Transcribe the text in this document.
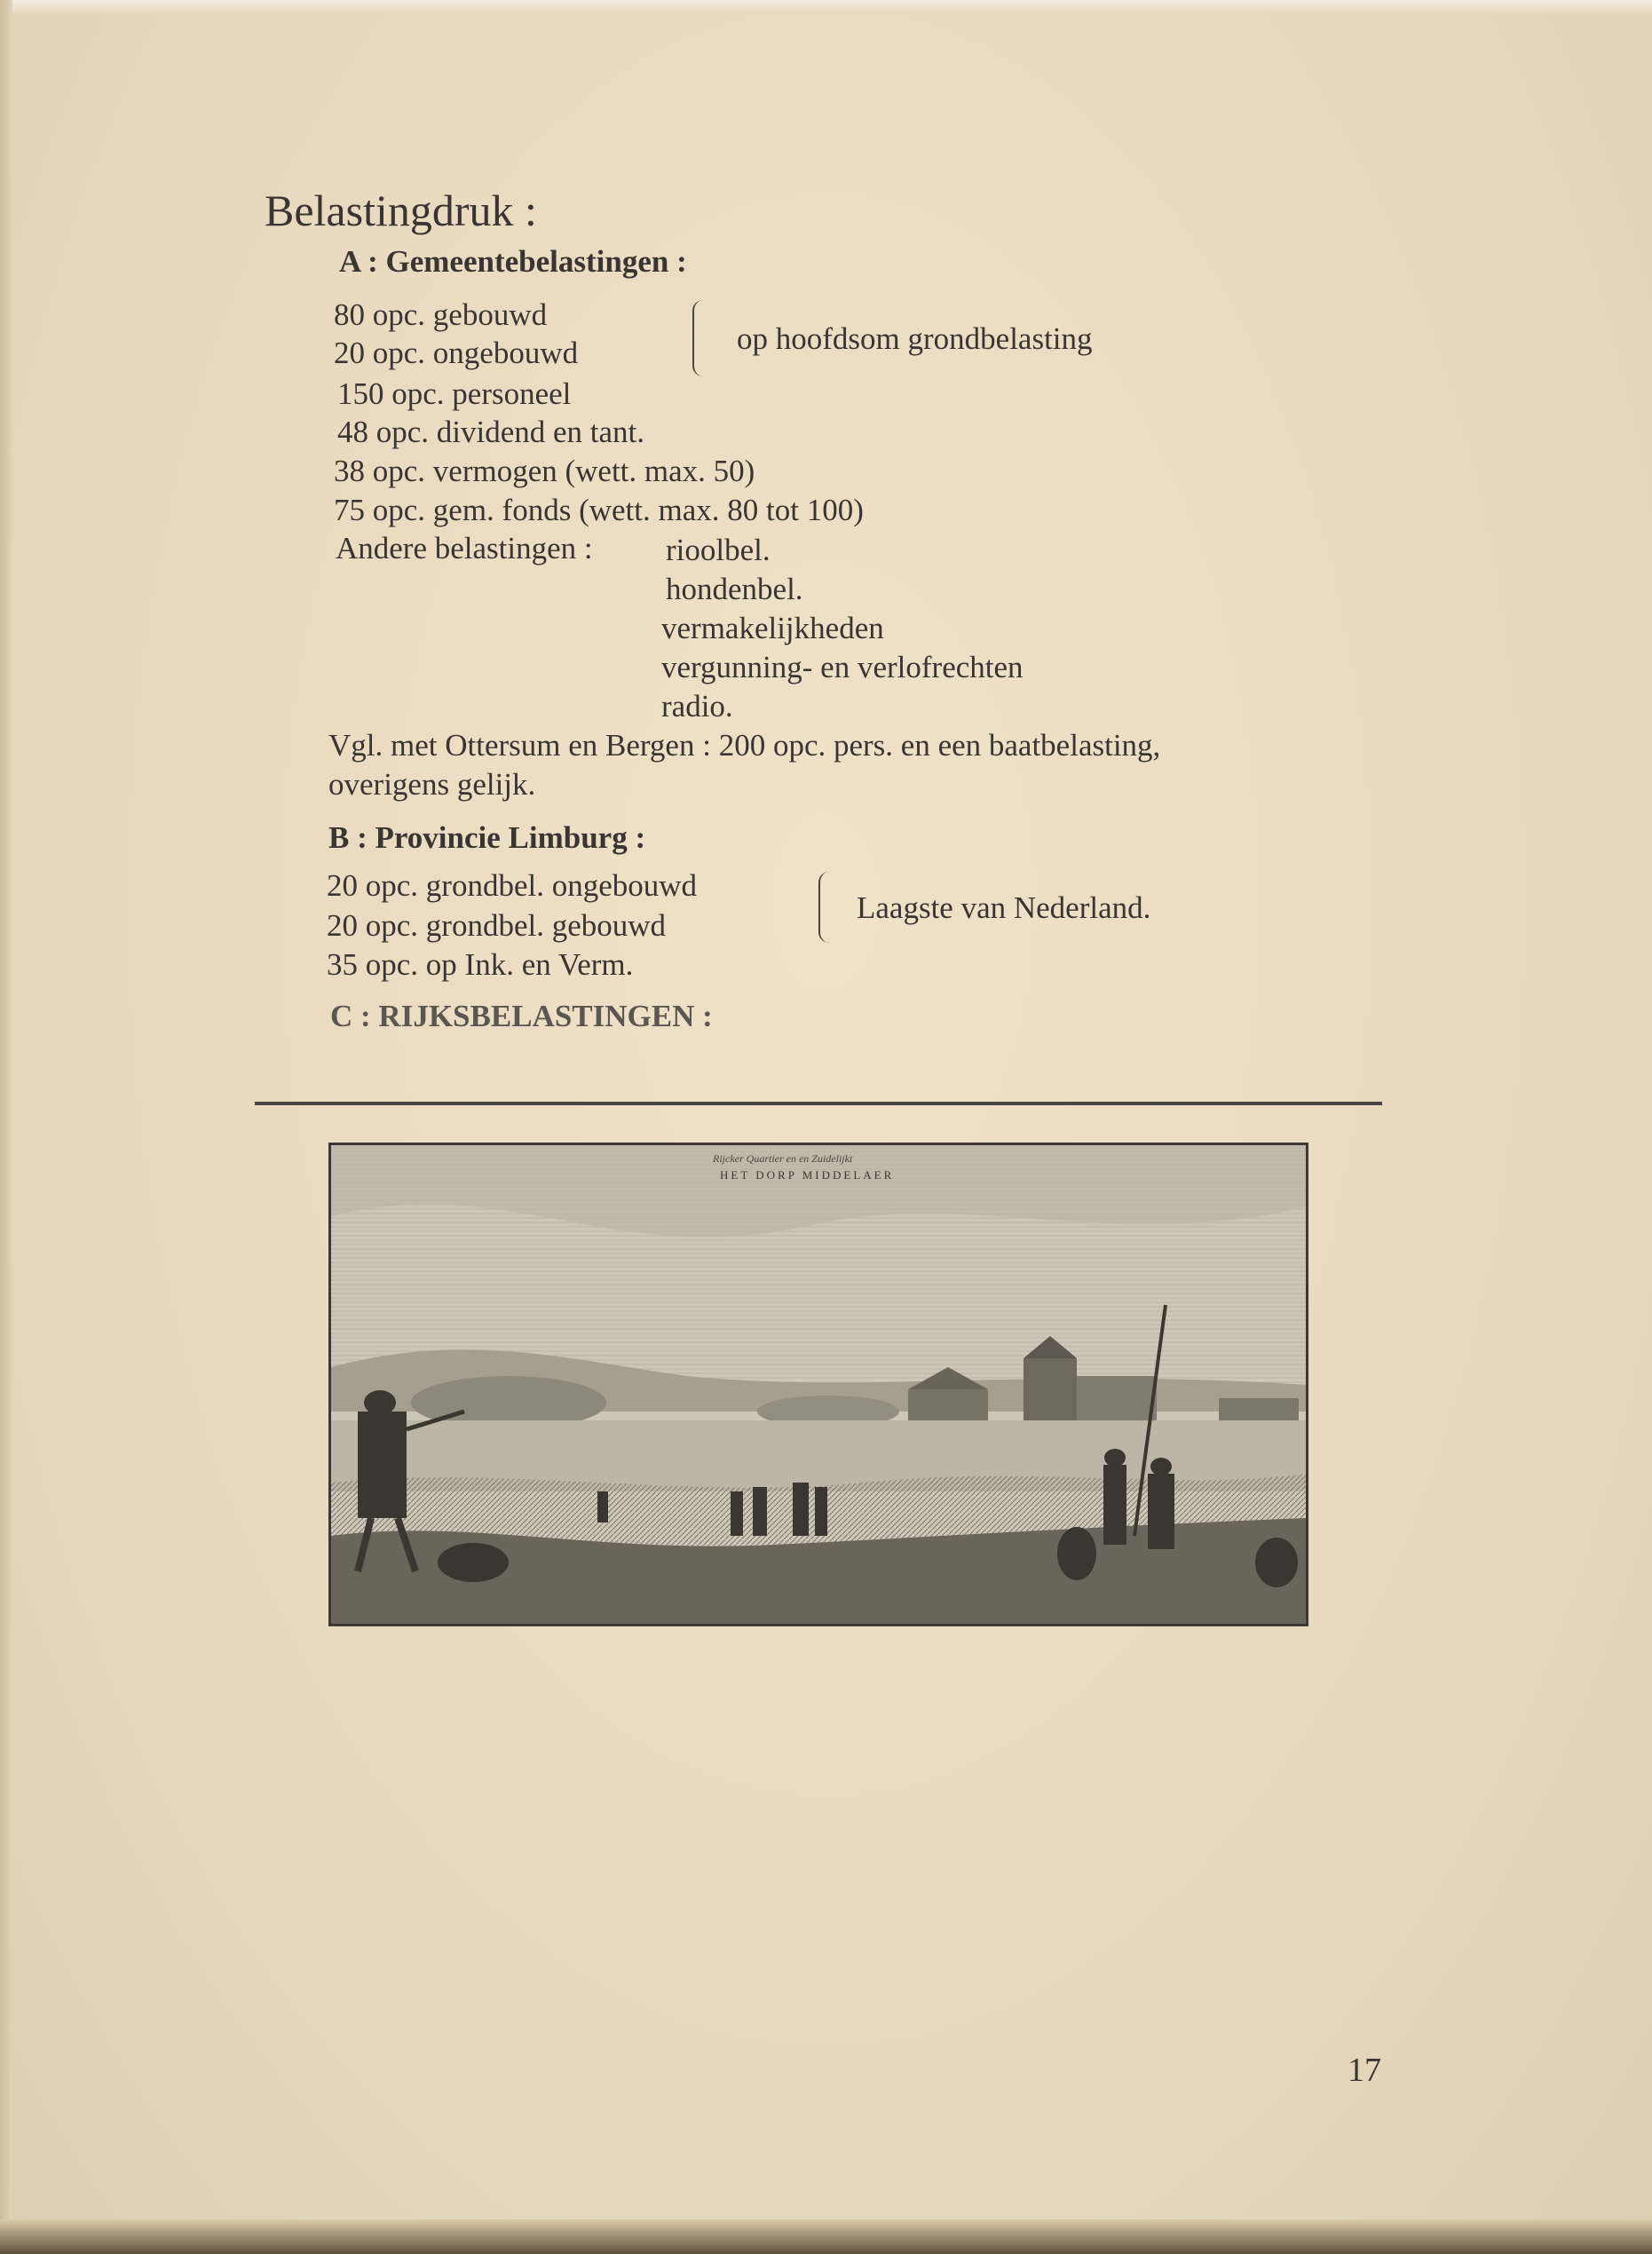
Belastingdruk :
A : Gemeentebelastingen :
80 opc. gebouwd
20 opc. ongebouwd	op hoofdsom grondbelasting
150 opc. personeel
48 opc. dividend en tant.
38 opc. vermogen (wett. max. 50)
75 opc. gem. fonds (wett. max. 80 tot 100)
Andere belastingen : rioolbel.
hondenbel.
vermakelijkheden
vergunning- en verlofrechten
radio.
Vgl. met Ottersum en Bergen : 200 opc. pers. en een baatbelasting,
overigens gelijk.
B : Provincie Limburg :
20 opc. grondbel. ongebouwd
20 opc. grondbel. gebouwd
Laagste van Nederland.
35 opc. op Ink. en Verm.
C : RIJKSBELASTINGEN :
Rijcker Quartier en en Zuidelijkt
HET DORP MIDDELAER
17
